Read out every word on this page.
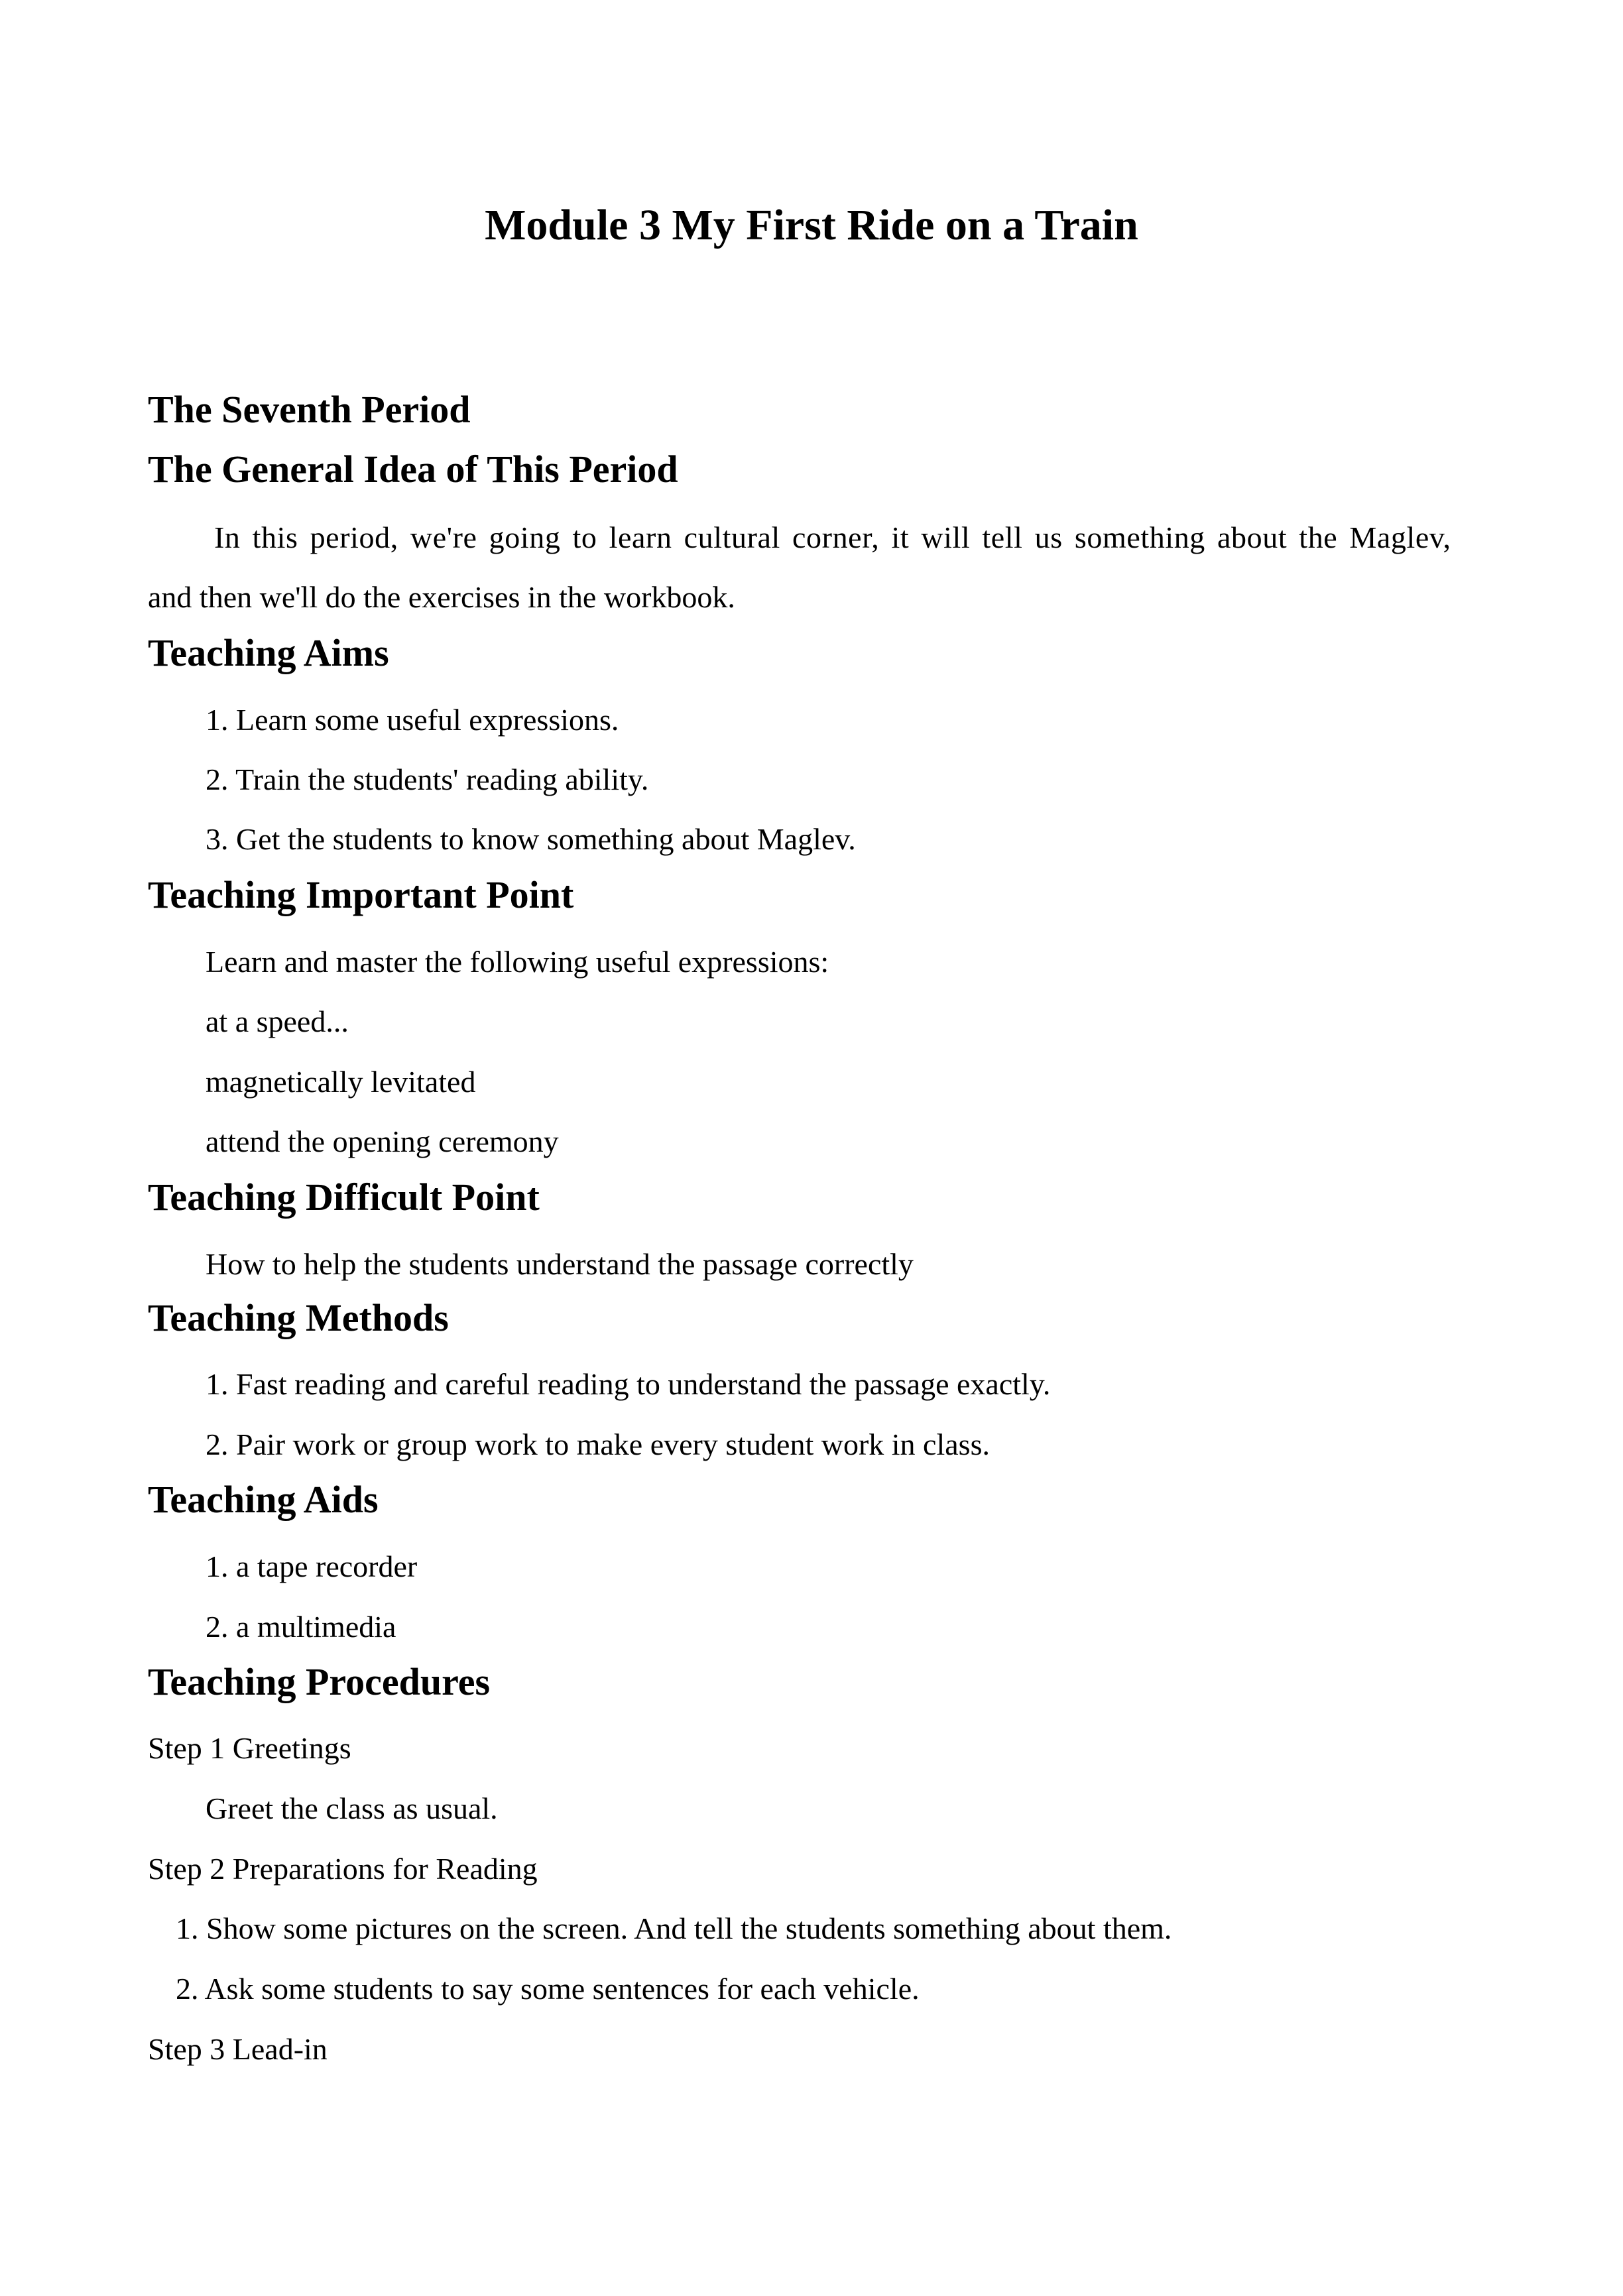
Module 3 My First Ride on a Train
The Seventh Period
The General Idea of This Period
In this period, we're going to learn cultural corner, it will tell us something about the Maglev,
and then we'll do the exercises in the workbook.
Teaching Aims
1. Learn some useful expressions.
2. Train the students' reading ability.
3. Get the students to know something about Maglev.
Teaching Important Point
Learn and master the following useful expressions:
at a speed...
magnetically levitated
attend the opening ceremony
Teaching Difficult Point
How to help the students understand the passage correctly
Teaching Methods
1. Fast reading and careful reading to understand the passage exactly.
2. Pair work or group work to make every student work in class.
Teaching Aids
1. a tape recorder
2. a multimedia
Teaching Procedures
Step 1 Greetings
Greet the class as usual.
Step 2 Preparations for Reading
1. Show some pictures on the screen. And tell the students something about them.
2. Ask some students to say some sentences for each vehicle.
Step 3 Lead-in
